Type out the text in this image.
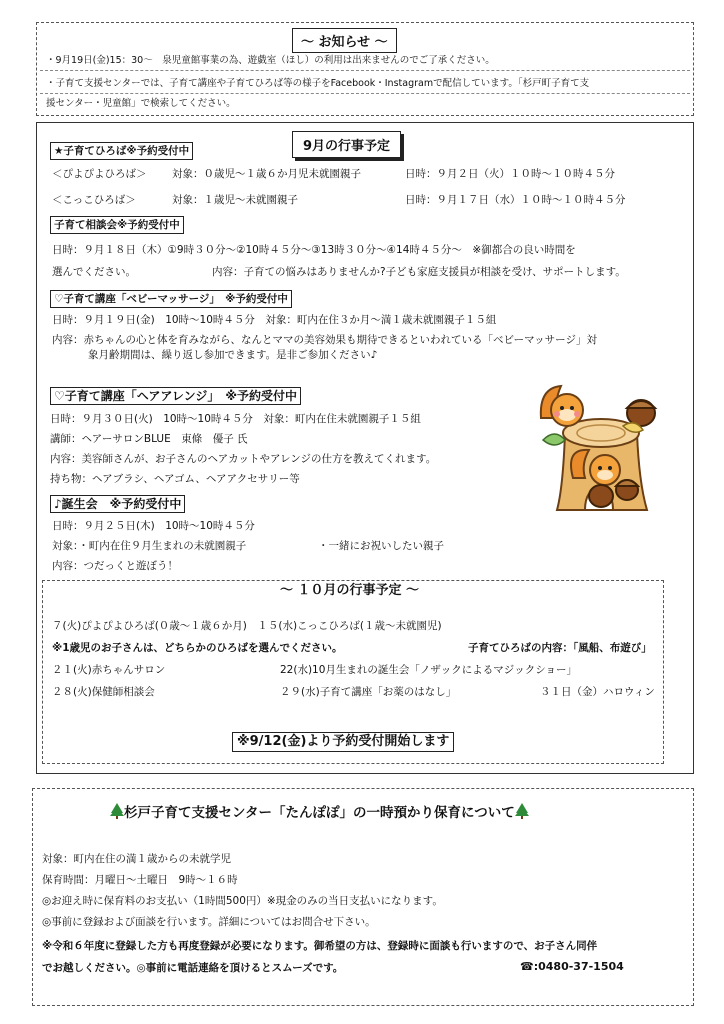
～ お知らせ ～
・9月19日(金)15：30～　泉児童館事業の為、遊戯室（ほし）の利用は出来ませんのでご了承ください。
・子育て支援センターでは、子育て講座や子育てひろば等の様子をFacebook・Instagramで配信しています。「杉戸町子育て支
援センター・児童館」で検索してください。
9月の行事予定
★子育てひろば※予約受付中
＜ぴよぴよひろば＞ 対象：０歳児～１歳６か月児未就園親子	日時：９月２日（火）１０時～１０時４５分
＜こっこひろば＞	対象：１歳児～未就園親子	日時：９月１７日（水）１０時～１０時４５分
子育て相談会※予約受付中
日時：９月１８日（木）①9時３０分～②10時４５分～③13時３０分～④14時４５分～　※御都合の良い時間を
選んでください。	内容：子育ての悩みはありませんか?子ども家庭支援員が相談を受け、サポートします。
♡子育て講座「ベビーマッサージ」　※予約受付中
日時：９月１９日(金)　10時～10時４５分　対象：町内在住３か月～満１歳未就園親子１５組
内容：赤ちゃんの心と体を育みながら、なんとママの美容効果も期待できるといわれている「ベビーマッサージ」対
象月齢期間は、繰り返し参加できます。是非ご参加ください♪
♡子育て講座「ヘアアレンジ」　※予約受付中
日時：９月３０日(火)　10時～10時４５分　対象：町内在住未就園親子１５組
講師：ヘアーサロンBLUE　東條　優子 氏
内容：美容師さんが、お子さんのヘアカットやアレンジの仕方を教えてくれます。
持ち物：ヘアブラシ、ヘアゴム、ヘアアクセサリー等
♪誕生会　※予約受付中
日時：９月２５日(木)　10時～10時４５分
対象：・町内在住９月生まれの未就園親子	・一緒にお祝いしたい親子
内容：つだっくと遊ぼう！
～ １０月の行事予定 ～
７(火)ぴよぴよひろば(０歳～１歳６か月)　１５(水)こっこひろば(１歳～未就園児)
※1歳児のお子さんは、どちらかのひろばを選んでください。	子育てひろばの内容：「風船、布遊び」
２１(火)赤ちゃんサロン	22(水)10月生まれの誕生会「ノザックによるマジックショー」
２８(火)保健師相談会	２９(水)子育て講座「お薬のはなし」	３１日（金）ハロウィン
※9/12(金)より予約受付開始します
杉戸子育て支援センター「たんぽぽ」の一時預かり保育について
対象：町内在住の満１歳からの未就学児
保育時間：月曜日～土曜日　9時～１６時
◎お迎え時に保育料のお支払い（1時間500円）※現金のみの当日支払いになります。
◎事前に登録および面談を行います。詳細についてはお問合せ下さい。
※令和６年度に登録した方も再度登録が必要になります。御希望の方は、登録時に面談も行いますので、お子さん同伴
でお越しください。◎事前に電話連絡を頂けるとスムーズです。	☎:0480-37-1504
